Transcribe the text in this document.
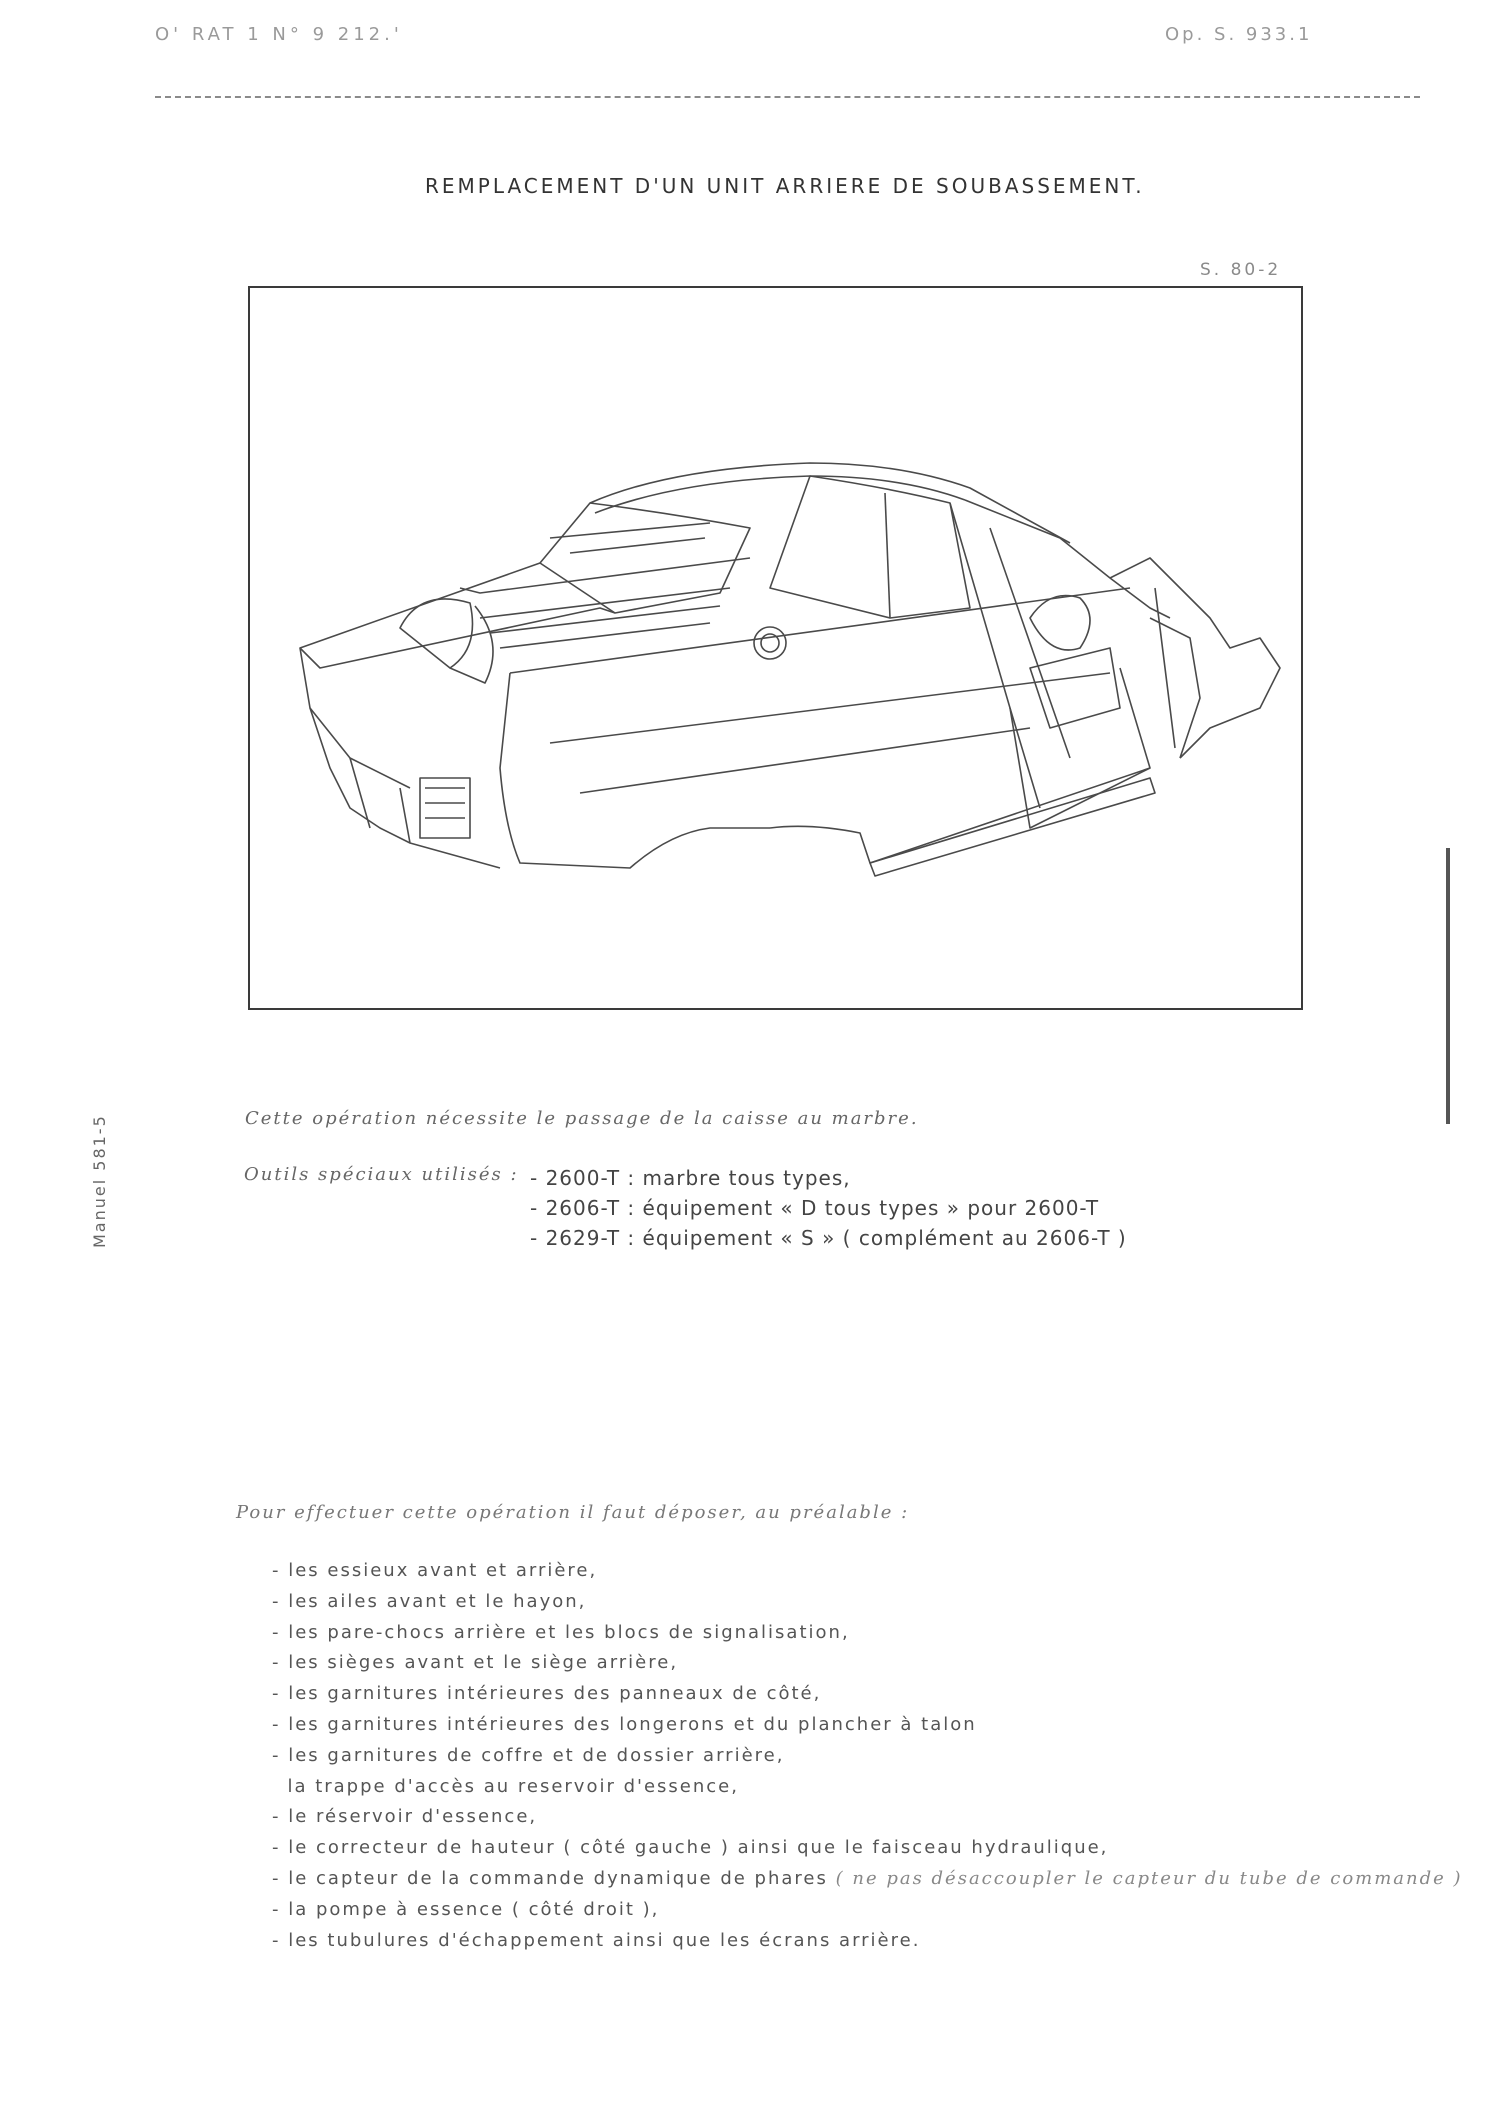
O' RAT 1 N° 9 212.'	Op. S. 933.1
REMPLACEMENT D'UN UNIT ARRIERE DE SOUBASSEMENT.
S. 80-2
Manuel 581-5	Cette opération nécessite le passage de la caisse au marbre.
Outils spéciaux utilisés : - 2600-T : marbre tous types,
- 2606-T : équipement « D tous types » pour 2600-T
- 2629-T : équipement « S » ( complément au 2606-T )
Pour effectuer cette opération il faut déposer, au préalable :
- les essieux avant et arrière,
- les ailes avant et le hayon,
- les pare-chocs arrière et les blocs de signalisation,
- les sièges avant et le siège arrière,
- les garnitures intérieures des panneaux de côté,
- les garnitures intérieures des longerons et du plancher à talon
- les garnitures de coffre et de dossier arrière,
la trappe d'accès au reservoir d'essence,
- le réservoir d'essence,
- le correcteur de hauteur ( côté gauche ) ainsi que le faisceau hydraulique,
- le capteur de la commande dynamique de phares ( ne pas désaccoupler le capteur du tube de commande )
- la pompe à essence ( côté droit ),
- les tubulures d'échappement ainsi que les écrans arrière.
